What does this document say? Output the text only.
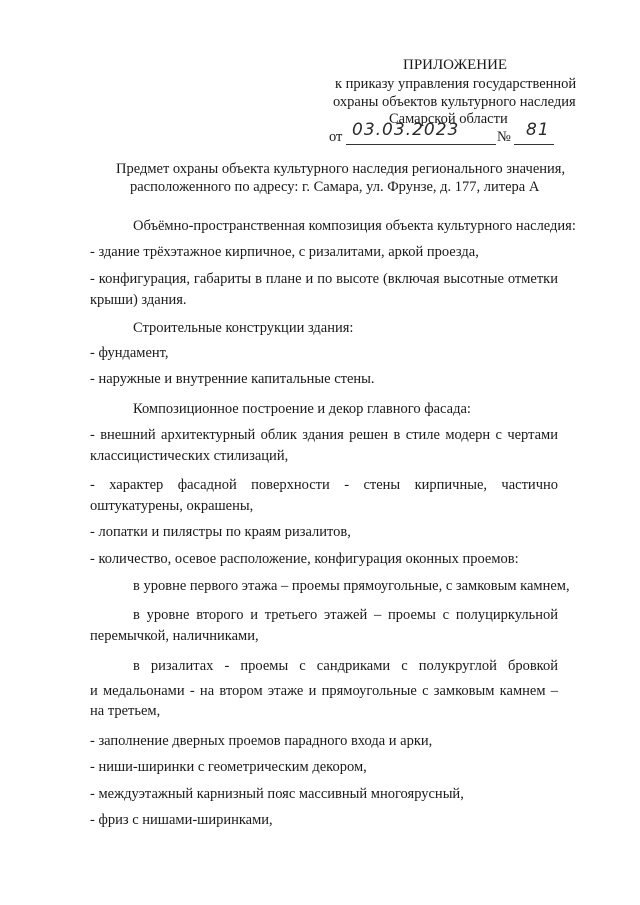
ПРИЛОЖЕНИЕ
к приказу управления государственной
охраны объектов культурного наследия
Самарской области
от 03.03.2023	№ 81
Предмет охраны объекта культурного наследия регионального значения,
расположенного по адресу: г. Самара, ул. Фрунзе, д. 177, литера А
Объёмно-пространственная композиция объекта культурного наследия:
- здание трёхэтажное кирпичное, с ризалитами, аркой проезда,
- конфигурация, габариты в плане и по высоте (включая высотные отметки
крыши) здания.
Строительные конструкции здания:
- фундамент,
- наружные и внутренние капитальные стены.
Композиционное построение и декор главного фасада:
- внешний архитектурный облик здания решен в стиле модерн с чертами
классицистических стилизаций,
- характер фасадной поверхности - стены кирпичные, частично
оштукатурены, окрашены,
- лопатки и пилястры по краям ризалитов,
- количество, осевое расположение, конфигурация оконных проемов:
в уровне первого этажа – проемы прямоугольные, с замковым камнем,
в уровне второго и третьего этажей – проемы с полуциркульной
перемычкой, наличниками,
в ризалитах - проемы с сандриками с полукруглой бровкой
и медальонами - на втором этаже и прямоугольные с замковым камнем –
на третьем,
- заполнение дверных проемов парадного входа и арки,
- ниши-ширинки с геометрическим декором,
- междуэтажный карнизный пояс массивный многоярусный,
- фриз с нишами-ширинками,
